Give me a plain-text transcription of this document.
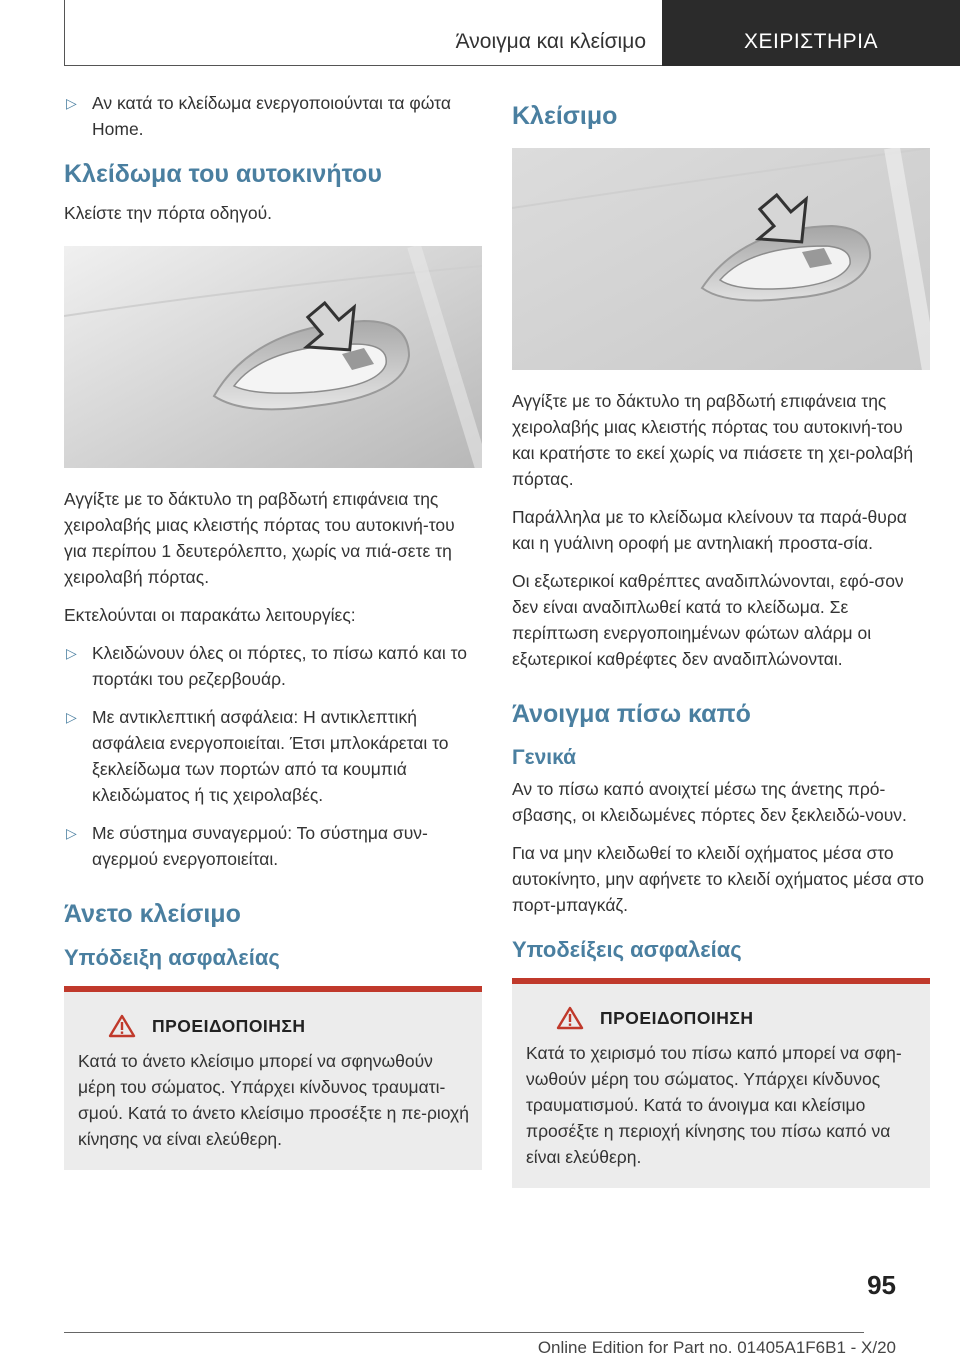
Άνοιγμα και κλείσιμο	ΧΕΙΡΙΣΤΗΡΙΑ
▷ Αν κατά το κλείδωμα ενεργοποιούνται τα φώτα Home.
Κλείδωμα του αυτοκινήτου

Κλείστε την πόρτα οδηγού.

Αγγίξτε με το δάκτυλο τη ραβδωτή επιφάνεια της χειρολαβής μιας κλειστής πόρτας του αυτοκινή-του για περίπου 1 δευτερόλεπτο, χωρίς να πιά-σετε τη χειρολαβή πόρτας.

Εκτελούνται οι παρακάτω λειτουργίες:

▷ Κλειδώνουν όλες οι πόρτες, το πίσω καπό και το πορτάκι του ρεζερβουάρ.
▷ Με αντικλεπτική ασφάλεια: Η αντικλεπτική ασφάλεια ενεργοποιείται. Έτσι μπλοκάρεται το ξεκλείδωμα των πορτών από τα κουμπιά κλειδώματος ή τις χειρολαβές.
▷ Με σύστημα συναγερμού: Το σύστημα συν-αγερμού ενεργοποιείται.
Άνετο κλείσιμο
Υπόδειξη ασφαλείας
ΠΡΟΕΙΔΟΠΟΙΗΣΗ

Κατά το άνετο κλείσιμο μπορεί να σφηνωθούν μέρη του σώματος. Υπάρχει κίνδυνος τραυματι-σμού. Κατά το άνετο κλείσιμο προσέξτε η πε-ριοχή κίνησης να είναι ελεύθερη.

Κλείσιμο

Αγγίξτε με το δάκτυλο τη ραβδωτή επιφάνεια της χειρολαβής μιας κλειστής πόρτας του αυτοκινή-του και κρατήστε το εκεί χωρίς να πιάσετε τη χει-ρολαβή πόρτας.

Παράλληλα με το κλείδωμα κλείνουν τα παρά-θυρα και η γυάλινη οροφή με αντηλιακή προστα-σία.

Οι εξωτερικοί καθρέπτες αναδιπλώνονται, εφό-σον δεν είναι αναδιπλωθεί κατά το κλείδωμα. Σε περίπτωση ενεργοποιημένων φώτων αλάρμ οι εξωτερικοί καθρέφτες δεν αναδιπλώνονται.

Άνοιγμα πίσω καπό
Γενικά

Αν το πίσω καπό ανοιχτεί μέσω της άνετης πρό-σβασης, οι κλειδωμένες πόρτες δεν ξεκλειδώ-νουν.

Για να μην κλειδωθεί το κλειδί οχήματος μέσα στο αυτοκίνητο, μην αφήνετε το κλειδί οχήματος μέσα στο πορτ-μπαγκάζ.

Υποδείξεις ασφαλείας
ΠΡΟΕΙΔΟΠΟΙΗΣΗ

Κατά το χειρισμό του πίσω καπό μπορεί να σφη-νωθούν μέρη του σώματος. Υπάρχει κίνδυνος τραυματισμού. Κατά το άνοιγμα και κλείσιμο προσέξτε η περιοχή κίνησης του πίσω καπό να είναι ελεύθερη.

95
Online Edition for Part no. 01405A1F6B1 - X/20
